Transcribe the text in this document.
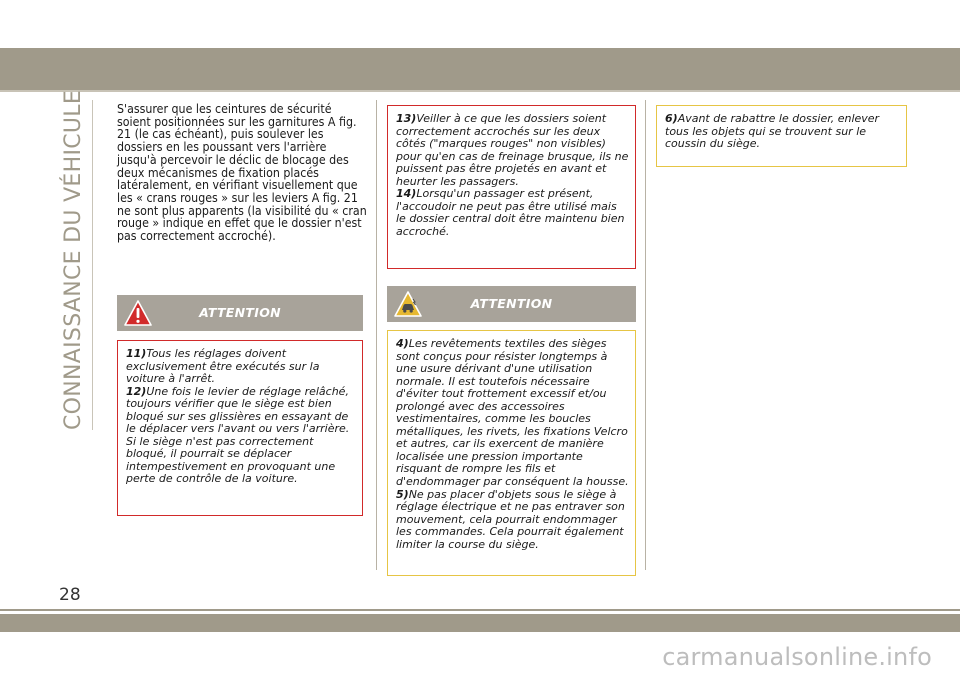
CONNAISSANCE DU VÉHICULE	S'assurer que les ceintures de sécurité soient positionnées sur les garnitures A fig. 21 (le cas échéant), puis soulever les dossiers en les poussant vers l'arrière jusqu'à percevoir le déclic de blocage des deux mécanismes de fixation placés latéralement, en vérifiant visuellement que les « crans rouges » sur les leviers A fig. 21 ne sont plus apparents (la visibilité du « cran rouge » indique en effet que le dossier n'est pas correctement accroché).
ATTENTION

11)Tous les réglages doivent exclusivement être exécutés sur la voiture à l'arrêt.

12)Une fois le levier de réglage relâché, toujours vérifier que le siège est bien bloqué sur ses glissières en essayant de le déplacer vers l'avant ou vers l'arrière. Si le siège n'est pas correctement bloqué, il pourrait se déplacer intempestivement en provoquant une perte de contrôle de la voiture.

13)Veiller à ce que les dossiers soient correctement accrochés sur les deux côtés ("marques rouges" non visibles) pour qu'en cas de freinage brusque, ils ne puissent pas être projetés en avant et heurter les passagers.

14)Lorsqu'un passager est présent, l'accoudoir ne peut pas être utilisé mais le dossier central doit être maintenu bien accroché.

ATTENTION

4)Les revêtements textiles des sièges sont conçus pour résister longtemps à une usure dérivant d'une utilisation normale. Il est toutefois nécessaire d'éviter tout frottement excessif et/ou prolongé avec des accessoires vestimentaires, comme les boucles métalliques, les rivets, les fixations Velcro et autres, car ils exercent de manière localisée une pression importante risquant de rompre les fils et d'endommager par conséquent la housse.

5)Ne pas placer d'objets sous le siège à réglage électrique et ne pas entraver son mouvement, cela pourrait endommager les commandes. Cela pourrait également limiter la course du siège.

6)Avant de rabattre le dossier, enlever tous les objets qui se trouvent sur le coussin du siège.

28
carmanualsonline.info
